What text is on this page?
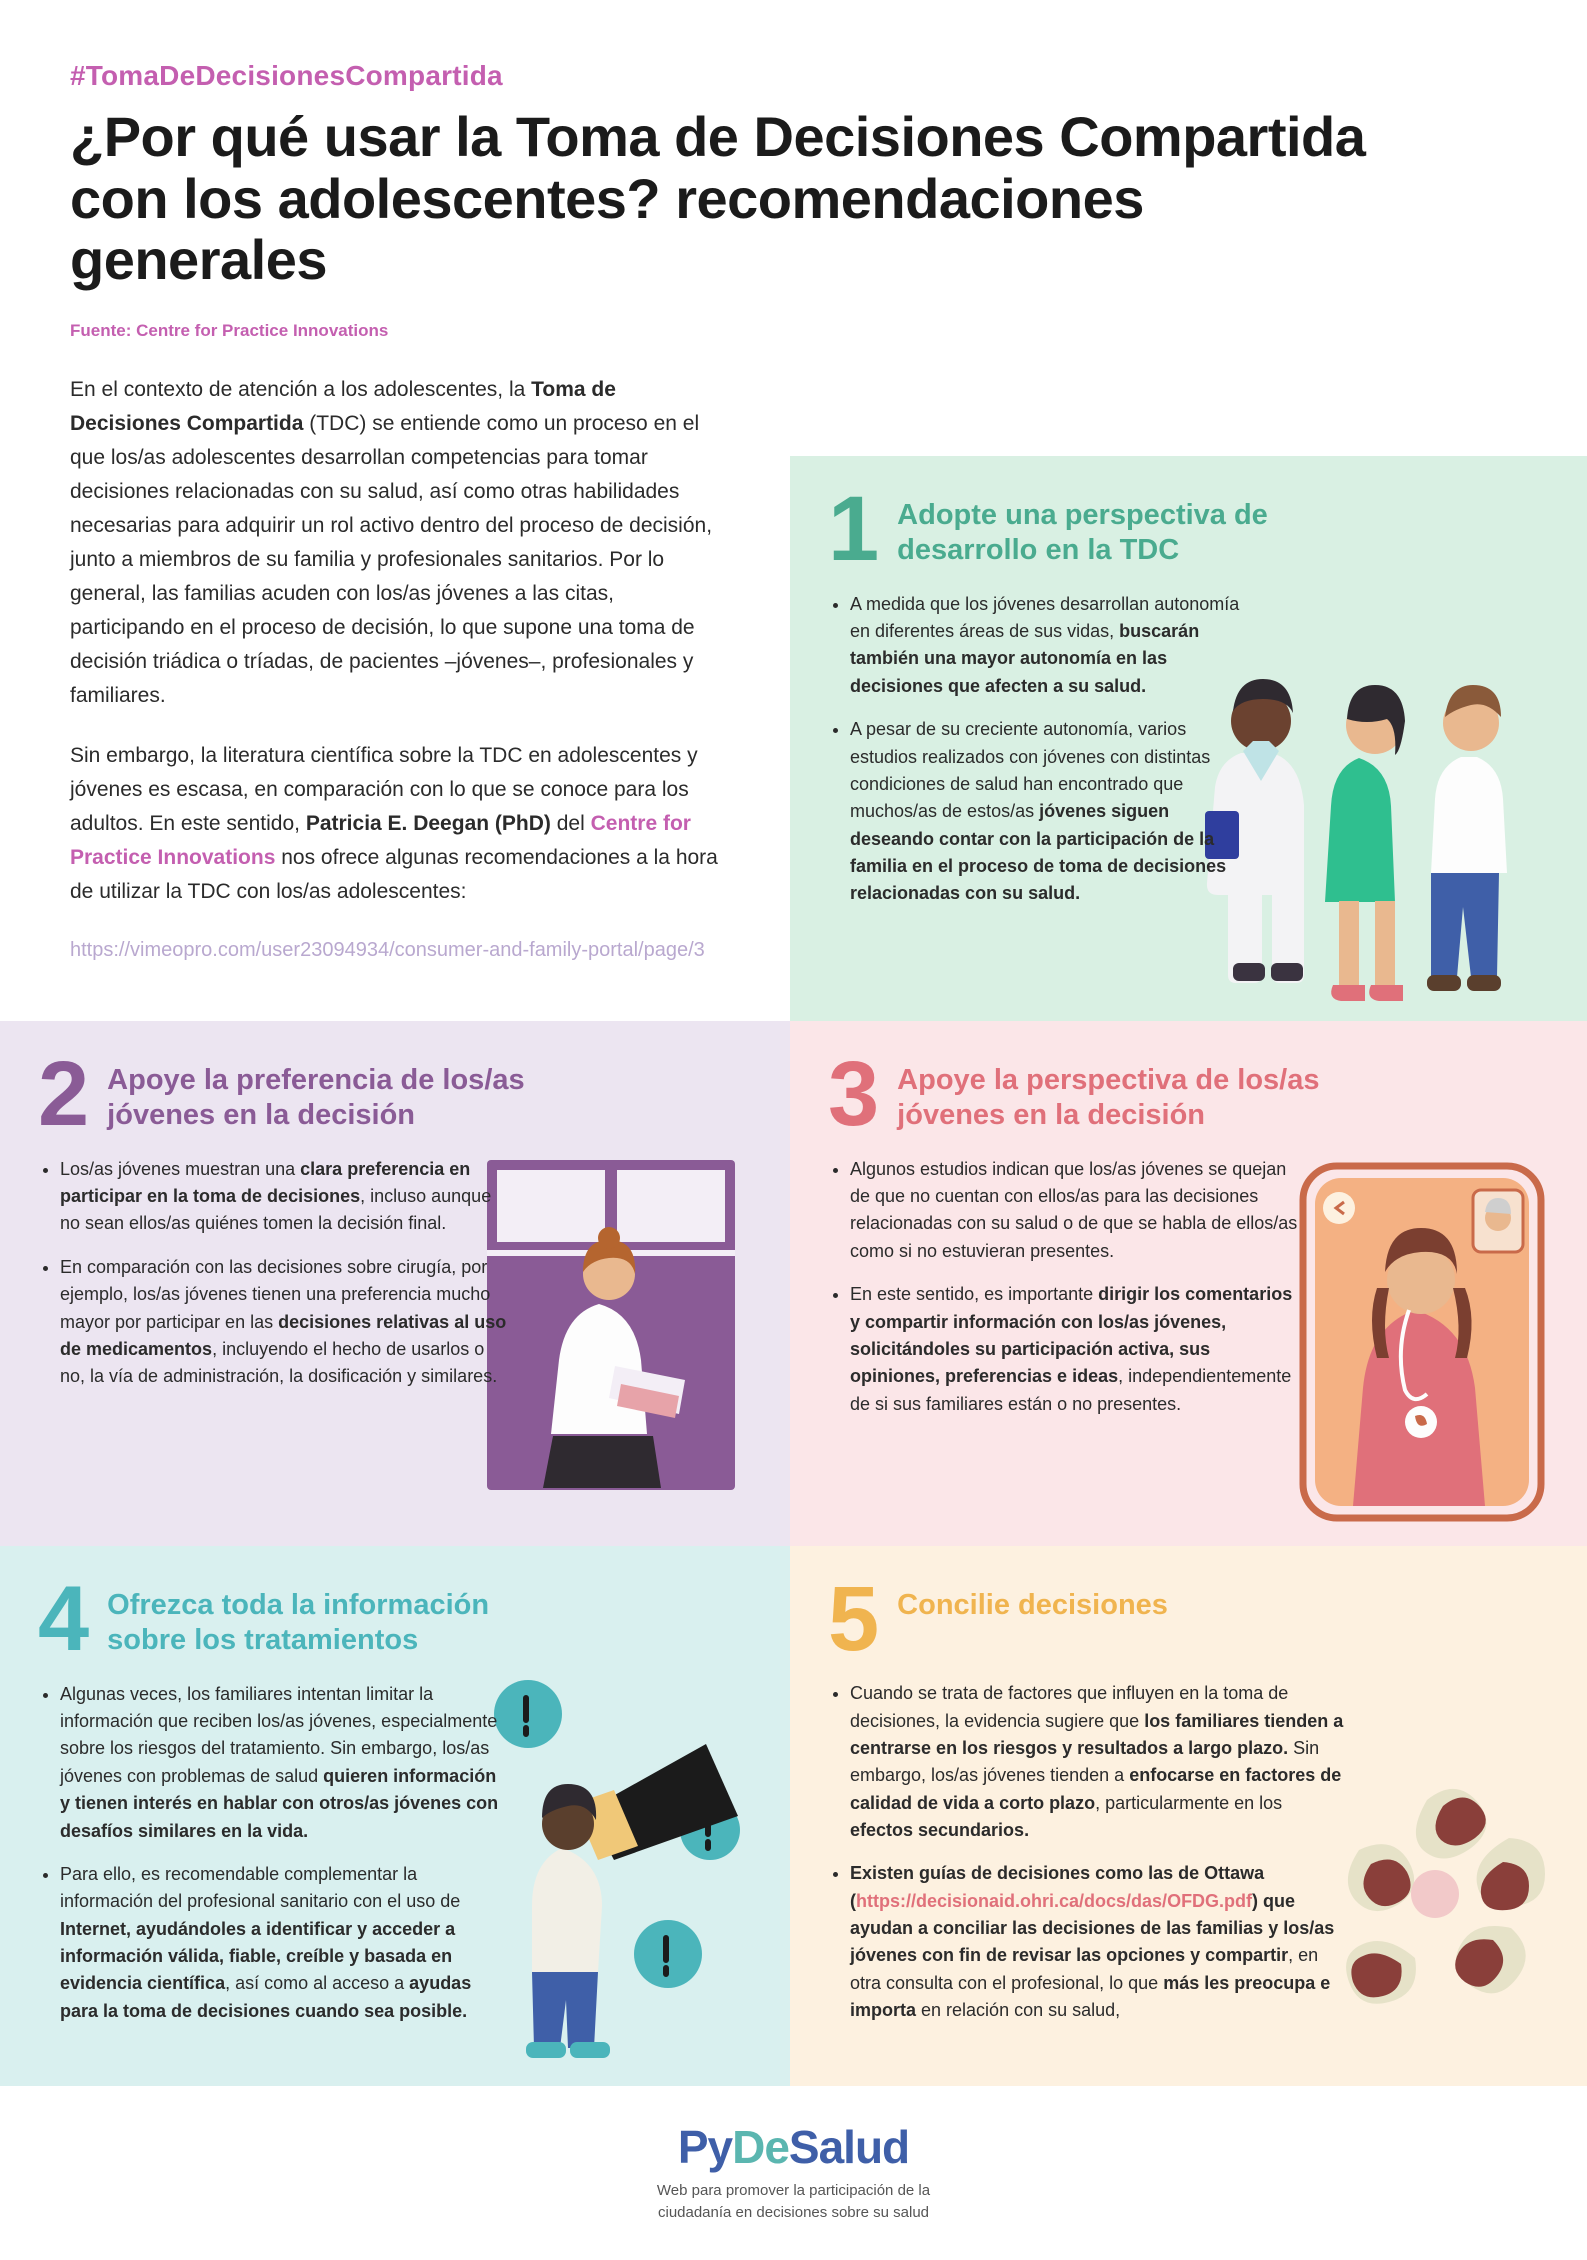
#TomaDeDecisionesCompartida
¿Por qué usar la Toma de Decisiones Compartida con los adolescentes? recomendaciones generales
Fuente: Centre for Practice Innovations

En el contexto de atención a los adolescentes, la Toma de Decisiones Compartida (TDC) se entiende como un proceso en el que los/as adolescentes desarrollan competencias para tomar decisiones relacionadas con su salud, así como otras habilidades necesarias para adquirir un rol activo dentro del proceso de decisión, junto a miembros de su familia y profesionales sanitarios. Por lo general, las familias acuden con los/as jóvenes a las citas, participando en el proceso de decisión, lo que supone una toma de decisión triádica o tríadas, de pacientes –jóvenes–, profesionales y familiares.

Sin embargo, la literatura científica sobre la TDC en adolescentes y jóvenes es escasa, en comparación con lo que se conoce para los adultos. En este sentido, Patricia E. Deegan (PhD) del Centre for Practice Innovations nos ofrece algunas recomendaciones a la hora de utilizar la TDC con los/as adolescentes:

https://vimeopro.com/user23094934/consumer-and-family-portal/page/3

1 Adopte una perspectiva de desarrollo en la TDC
• A medida que los jóvenes desarrollan autonomía en diferentes áreas de sus vidas, buscarán también una mayor autonomía en las decisiones que afecten a su salud.
• A pesar de su creciente autonomía, varios estudios realizados con jóvenes con distintas condiciones de salud han encontrado que muchos/as de estos/as jóvenes siguen deseando contar con la participación de la familia en el proceso de toma de decisiones relacionadas con su salud.
2 Apoye la preferencia de los/as jóvenes en la decisión
• Los/as jóvenes muestran una clara preferencia en participar en la toma de decisiones, incluso aunque no sean ellos/as quiénes tomen la decisión final.
• En comparación con las decisiones sobre cirugía, por ejemplo, los/as jóvenes tienen una preferencia mucho mayor por participar en las decisiones relativas al uso de medicamentos, incluyendo el hecho de usarlos o no, la vía de administración, la dosificación y similares.
3 Apoye la perspectiva de los/as jóvenes en la decisión
• Algunos estudios indican que los/as jóvenes se quejan de que no cuentan con ellos/as para las decisiones relacionadas con su salud o de que se habla de ellos/as como si no estuvieran presentes.
• En este sentido, es importante dirigir los comentarios y compartir información con los/as jóvenes, solicitándoles su participación activa, sus opiniones, preferencias e ideas, independientemente de si sus familiares están o no presentes.
4 Ofrezca toda la información sobre los tratamientos
• Algunas veces, los familiares intentan limitar la información que reciben los/as jóvenes, especialmente sobre los riesgos del tratamiento. Sin embargo, los/as jóvenes con problemas de salud quieren información y tienen interés en hablar con otros/as jóvenes con desafíos similares en la vida.
• Para ello, es recomendable complementar la información del profesional sanitario con el uso de Internet, ayudándoles a identificar y acceder a información válida, fiable, creíble y basada en evidencia científica, así como al acceso a ayudas para la toma de decisiones cuando sea posible.
5 Concilie decisiones
• Cuando se trata de factores que influyen en la toma de decisiones, la evidencia sugiere que los familiares tienden a centrarse en los riesgos y resultados a largo plazo. Sin embargo, los/as jóvenes tienden a enfocarse en factores de calidad de vida a corto plazo, particularmente en los efectos secundarios.
• Existen guías de decisiones como las de Ottawa (https://decisionaid.ohri.ca/docs/das/OFDG.pdf) que ayudan a conciliar las decisiones de las familias y los/as jóvenes con fin de revisar las opciones y compartir, en otra consulta con el profesional, lo que más les preocupa e importa en relación con su salud,
PyDeSalud
Web para promover la participación de la
ciudadanía en decisiones sobre su salud
